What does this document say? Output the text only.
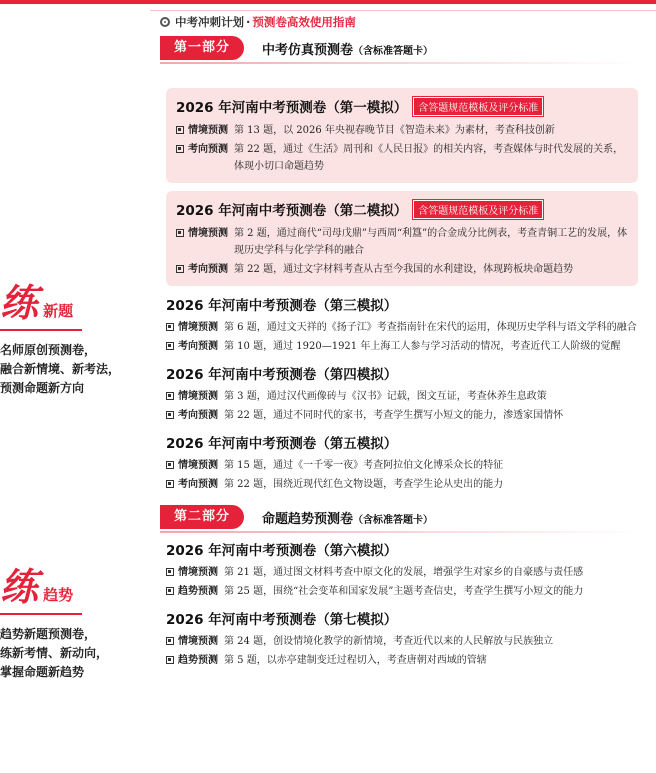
练 新题
名师原创预测卷，
融合新情境、新考法，
预测命题新方向
练 趋势
趋势新题预测卷，
练新考情、新动向，
掌握命题新趋势
中考冲刺计划 · 预测卷高效使用指南
第一部分	中考仿真预测卷（含标准答题卡）
2026 年河南中考预测卷（第一模拟）	含答题规范模板及评分标准
情境预测 第 13 题，以 2026 年央视春晚节目《智造未来》为素材，考查科技创新
考向预测 第 22 题，通过《生活》周刊和《人民日报》的相关内容，考查媒体与时代发展的关系，体现小切口命题趋势
2026 年河南中考预测卷（第二模拟）	含答题规范模板及评分标准
情境预测 第 2 题，通过商代“司母戊鼎”与西周“利簋”的合金成分比例表，考查青铜工艺的发展，体现历史学科与化学学科的融合
考向预测 第 22 题，通过文字材料考查从古至今我国的水利建设，体现跨板块命题趋势
2026 年河南中考预测卷（第三模拟）
情境预测 第 6 题，通过文天祥的《扬子江》考查指南针在宋代的运用，体现历史学科与语文学科的融合
考向预测 第 10 题，通过 1920—1921 年上海工人参与学习活动的情况，考查近代工人阶级的觉醒
2026 年河南中考预测卷（第四模拟）
情境预测 第 3 题，通过汉代画像砖与《汉书》记载，图文互证，考查休养生息政策
考向预测 第 22 题，通过不同时代的家书，考查学生撰写小短文的能力，渗透家国情怀
2026 年河南中考预测卷（第五模拟）
情境预测 第 15 题，通过《一千零一夜》考查阿拉伯文化博采众长的特征
考向预测 第 22 题，围绕近现代红色文物设题，考查学生论从史出的能力
第二部分	命题趋势预测卷（含标准答题卡）
2026 年河南中考预测卷（第六模拟）
情境预测 第 21 题，通过图文材料考查中原文化的发展，增强学生对家乡的自豪感与责任感
趋势预测 第 25 题，围绕“社会变革和国家发展”主题考查信史，考查学生撰写小短文的能力
2026 年河南中考预测卷（第七模拟）
情境预测 第 24 题，创设情境化教学的新情境，考查近代以来的人民解放与民族独立
趋势预测 第 5 题，以赤亭建制变迁过程切入，考查唐朝对西域的管辖
